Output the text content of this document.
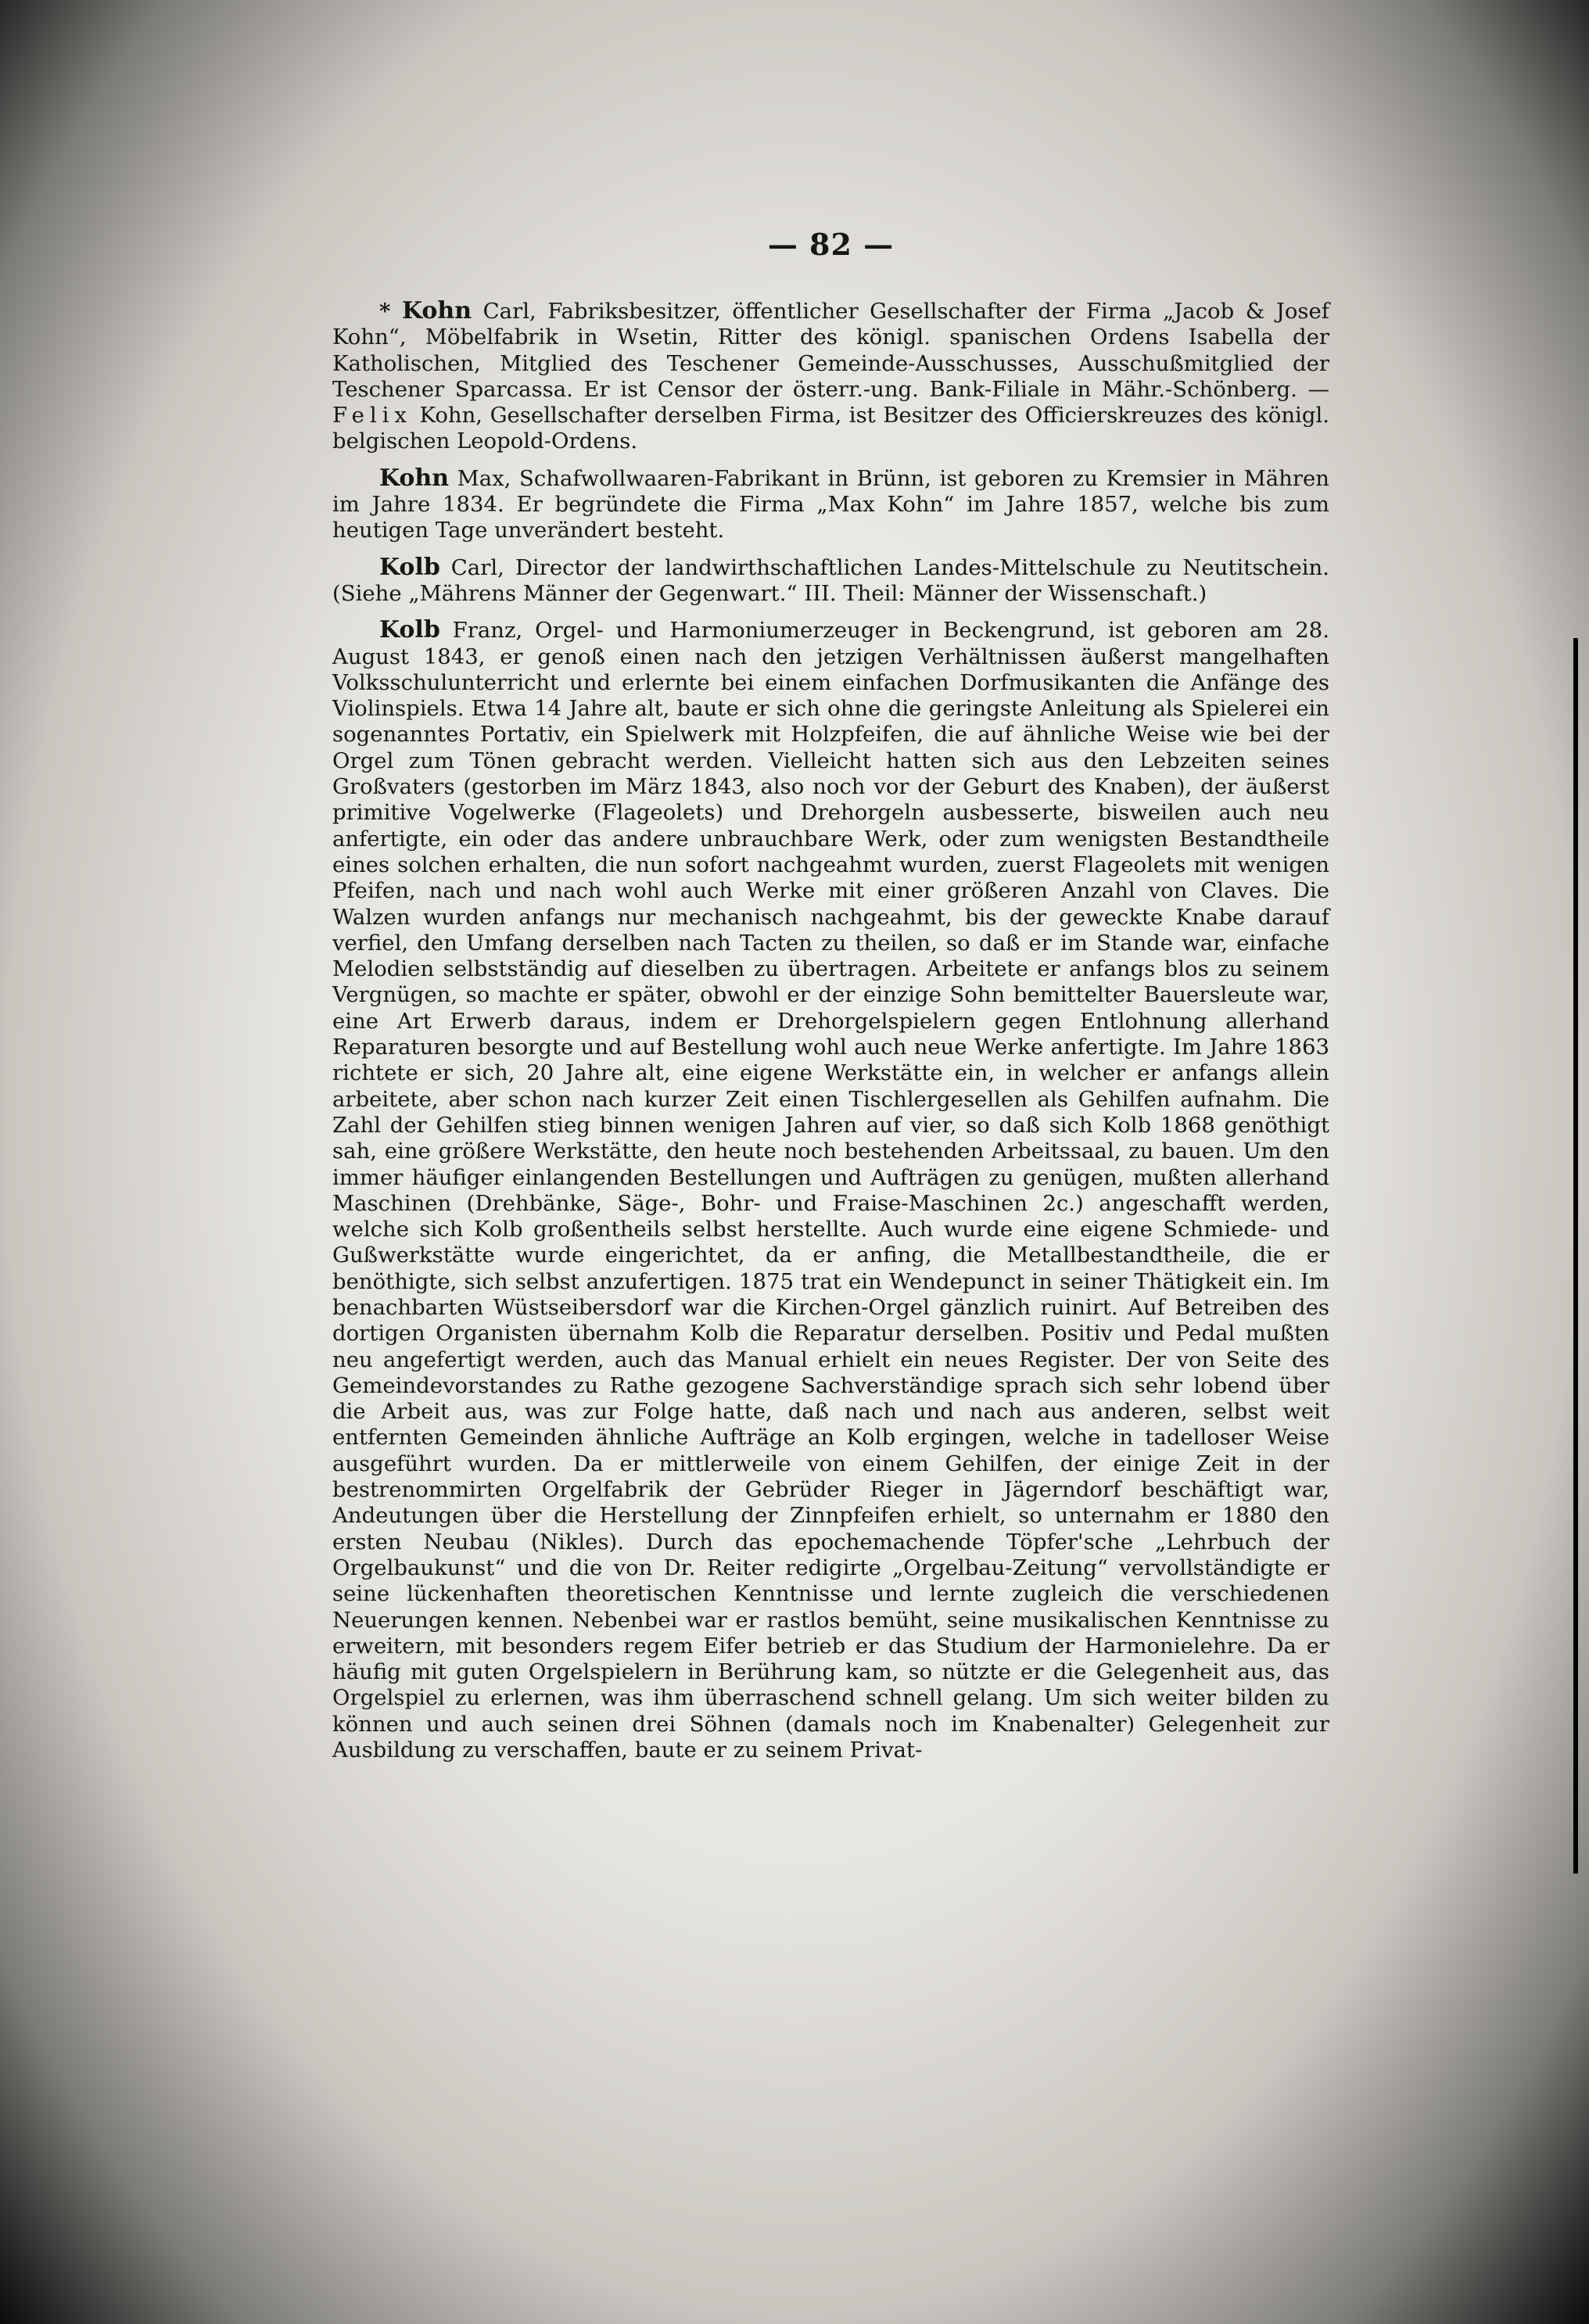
— 82 —

* Kohn Carl, Fabriksbesitzer, öffentlicher Gesellschafter der Firma „Jacob & Josef Kohn“, Möbelfabrik in Wsetin, Ritter des königl. spanischen Ordens Isabella der Katholischen, Mitglied des Teschener Gemeinde-Ausschusses, Ausschußmitglied der Teschener Sparcassa. Er ist Censor der österr.-ung. Bank-Filiale in Mähr.-Schönberg. — Felix Kohn, Gesellschafter derselben Firma, ist Besitzer des Officierskreuzes des königl. belgischen Leopold-Ordens.

Kohn Max, Schafwollwaaren-Fabrikant in Brünn, ist geboren zu Kremsier in Mähren im Jahre 1834. Er begründete die Firma „Max Kohn“ im Jahre 1857, welche bis zum heutigen Tage unverändert besteht.

Kolb Carl, Director der landwirthschaftlichen Landes-Mittelschule zu Neutitschein. (Siehe „Mährens Männer der Gegenwart.“ III. Theil: Männer der Wissenschaft.)

Kolb Franz, Orgel- und Harmoniumerzeuger in Beckengrund, ist geboren am 28. August 1843, er genoß einen nach den jetzigen Verhältnissen äußerst mangelhaften Volksschulunterricht und erlernte bei einem einfachen Dorfmusikanten die Anfänge des Violinspiels. Etwa 14 Jahre alt, baute er sich ohne die geringste Anleitung als Spielerei ein sogenanntes Portativ, ein Spielwerk mit Holzpfeifen, die auf ähnliche Weise wie bei der Orgel zum Tönen gebracht werden. Vielleicht hatten sich aus den Lebzeiten seines Großvaters (gestorben im März 1843, also noch vor der Geburt des Knaben), der äußerst primitive Vogelwerke (Flageolets) und Drehorgeln ausbesserte, bisweilen auch neu anfertigte, ein oder das andere unbrauchbare Werk, oder zum wenigsten Bestandtheile eines solchen erhalten, die nun sofort nachgeahmt wurden, zuerst Flageolets mit wenigen Pfeifen, nach und nach wohl auch Werke mit einer größeren Anzahl von Claves. Die Walzen wurden anfangs nur mechanisch nachgeahmt, bis der geweckte Knabe darauf verfiel, den Umfang derselben nach Tacten zu theilen, so daß er im Stande war, einfache Melodien selbstständig auf dieselben zu übertragen. Arbeitete er anfangs blos zu seinem Vergnügen, so machte er später, obwohl er der einzige Sohn bemittelter Bauersleute war, eine Art Erwerb daraus, indem er Drehorgelspielern gegen Entlohnung allerhand Reparaturen besorgte und auf Bestellung wohl auch neue Werke anfertigte. Im Jahre 1863 richtete er sich, 20 Jahre alt, eine eigene Werkstätte ein, in welcher er anfangs allein arbeitete, aber schon nach kurzer Zeit einen Tischlergesellen als Gehilfen aufnahm. Die Zahl der Gehilfen stieg binnen wenigen Jahren auf vier, so daß sich Kolb 1868 genöthigt sah, eine größere Werkstätte, den heute noch bestehenden Arbeitssaal, zu bauen. Um den immer häufiger einlangenden Bestellungen und Aufträgen zu genügen, mußten allerhand Maschinen (Drehbänke, Säge-, Bohr- und Fraise-Maschinen 2c.) angeschafft werden, welche sich Kolb großentheils selbst herstellte. Auch wurde eine eigene Schmiede- und Gußwerkstätte wurde eingerichtet, da er anfing, die Metallbestandtheile, die er benöthigte, sich selbst anzufertigen. 1875 trat ein Wendepunct in seiner Thätigkeit ein. Im benachbarten Wüstseibersdorf war die Kirchen-Orgel gänzlich ruinirt. Auf Betreiben des dortigen Organisten übernahm Kolb die Reparatur derselben. Positiv und Pedal mußten neu angefertigt werden, auch das Manual erhielt ein neues Register. Der von Seite des Gemeindevorstandes zu Rathe gezogene Sachverständige sprach sich sehr lobend über die Arbeit aus, was zur Folge hatte, daß nach und nach aus anderen, selbst weit entfernten Gemeinden ähnliche Aufträge an Kolb ergingen, welche in tadelloser Weise ausgeführt wurden. Da er mittlerweile von einem Gehilfen, der einige Zeit in der bestrenommirten Orgelfabrik der Gebrüder Rieger in Jägerndorf beschäftigt war, Andeutungen über die Herstellung der Zinnpfeifen erhielt, so unternahm er 1880 den ersten Neubau (Nikles). Durch das epochemachende Töpfer'sche „Lehrbuch der Orgelbaukunst“ und die von Dr. Reiter redigirte „Orgelbau-Zeitung“ vervollständigte er seine lückenhaften theoretischen Kenntnisse und lernte zugleich die verschiedenen Neuerungen kennen. Nebenbei war er rastlos bemüht, seine musikalischen Kenntnisse zu erweitern, mit besonders regem Eifer betrieb er das Studium der Harmonielehre. Da er häufig mit guten Orgelspielern in Berührung kam, so nützte er die Gelegenheit aus, das Orgelspiel zu erlernen, was ihm überraschend schnell gelang. Um sich weiter bilden zu können und auch seinen drei Söhnen (damals noch im Knabenalter) Gelegenheit zur Ausbildung zu verschaffen, baute er zu seinem Privat-
